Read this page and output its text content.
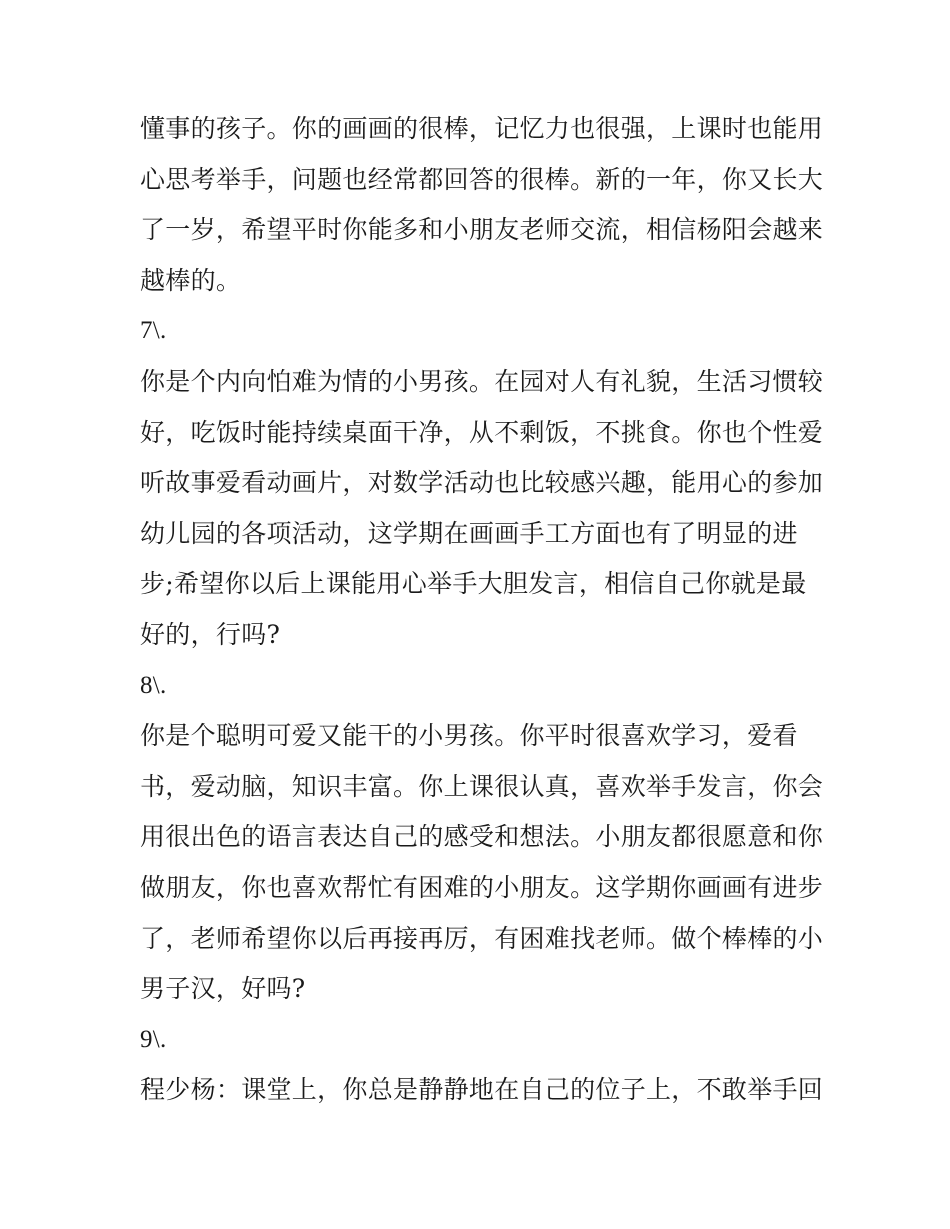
懂事的孩子。你的画画的很棒，记忆力也很强，上课时也能用
心思考举手，问题也经常都回答的很棒。新的一年，你又长大
了一岁，希望平时你能多和小朋友老师交流，相信杨阳会越来
越棒的。
7\.
你是个内向怕难为情的小男孩。在园对人有礼貌，生活习惯较
好，吃饭时能持续桌面干净，从不剩饭，不挑食。你也个性爱
听故事爱看动画片，对数学活动也比较感兴趣，能用心的参加
幼儿园的各项活动，这学期在画画手工方面也有了明显的进
步;希望你以后上课能用心举手大胆发言，相信自己你就是最
好的，行吗?
8\.
你是个聪明可爱又能干的小男孩。你平时很喜欢学习，爱看
书，爱动脑，知识丰富。你上课很认真，喜欢举手发言，你会
用很出色的语言表达自己的感受和想法。小朋友都很愿意和你
做朋友，你也喜欢帮忙有困难的小朋友。这学期你画画有进步
了，老师希望你以后再接再厉，有困难找老师。做个棒棒的小
男子汉，好吗?
9\.
程少杨：课堂上，你总是静静地在自己的位子上，不敢举手回
